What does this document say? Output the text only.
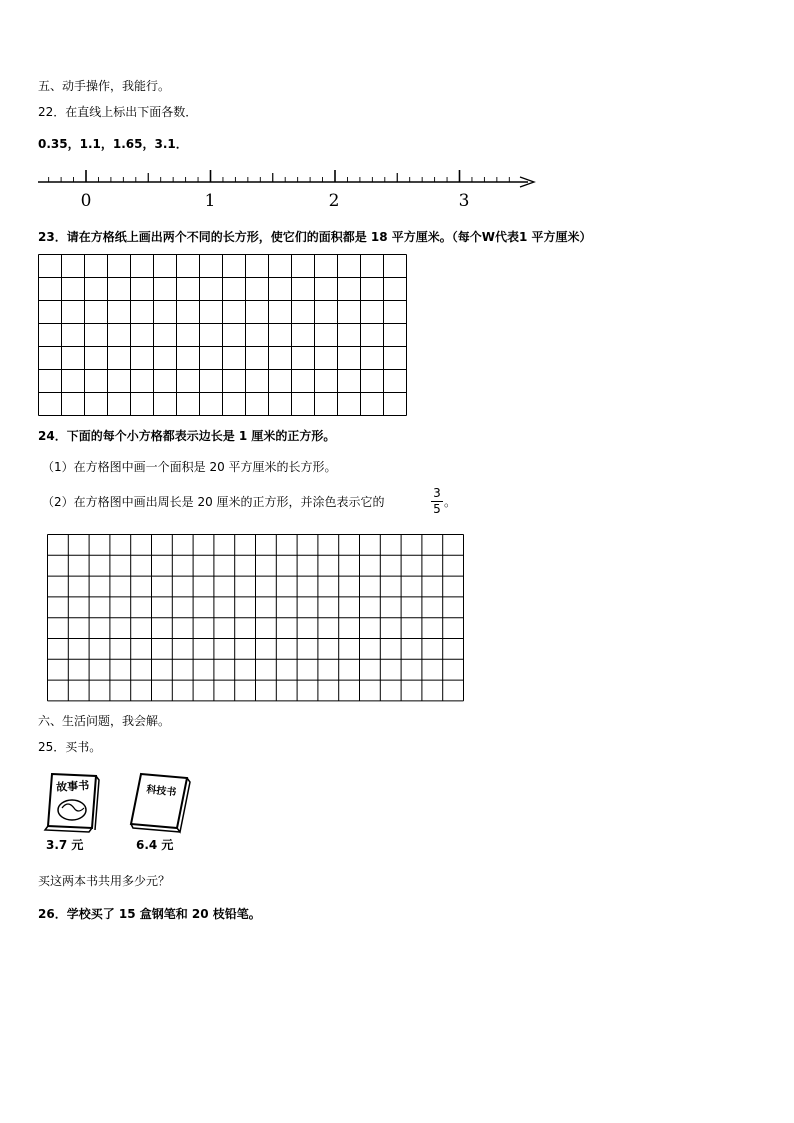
五、动手操作，我能行。
22．在直线上标出下面各数．
0.35，1.1，1.65，3.1．
0	1	2	3
23．请在方格纸上画出两个不同的长方形，使它们的面积都是 18 平方厘米。（每个W代表1 平方厘米）
24．下面的每个小方格都表示边长是 1 厘米的正方形。
（1）在方格图中画一个面积是 20 平方厘米的长方形。
（2）在方格图中画出周长是 20 厘米的正方形，并涂色表示它的
3
5 。
六、生活问题，我会解。
25．买书。
故事书	科技书
3.7 元	6.4 元
买这两本书共用多少元？
26．学校买了 15 盒钢笔和 20 枝铅笔。
